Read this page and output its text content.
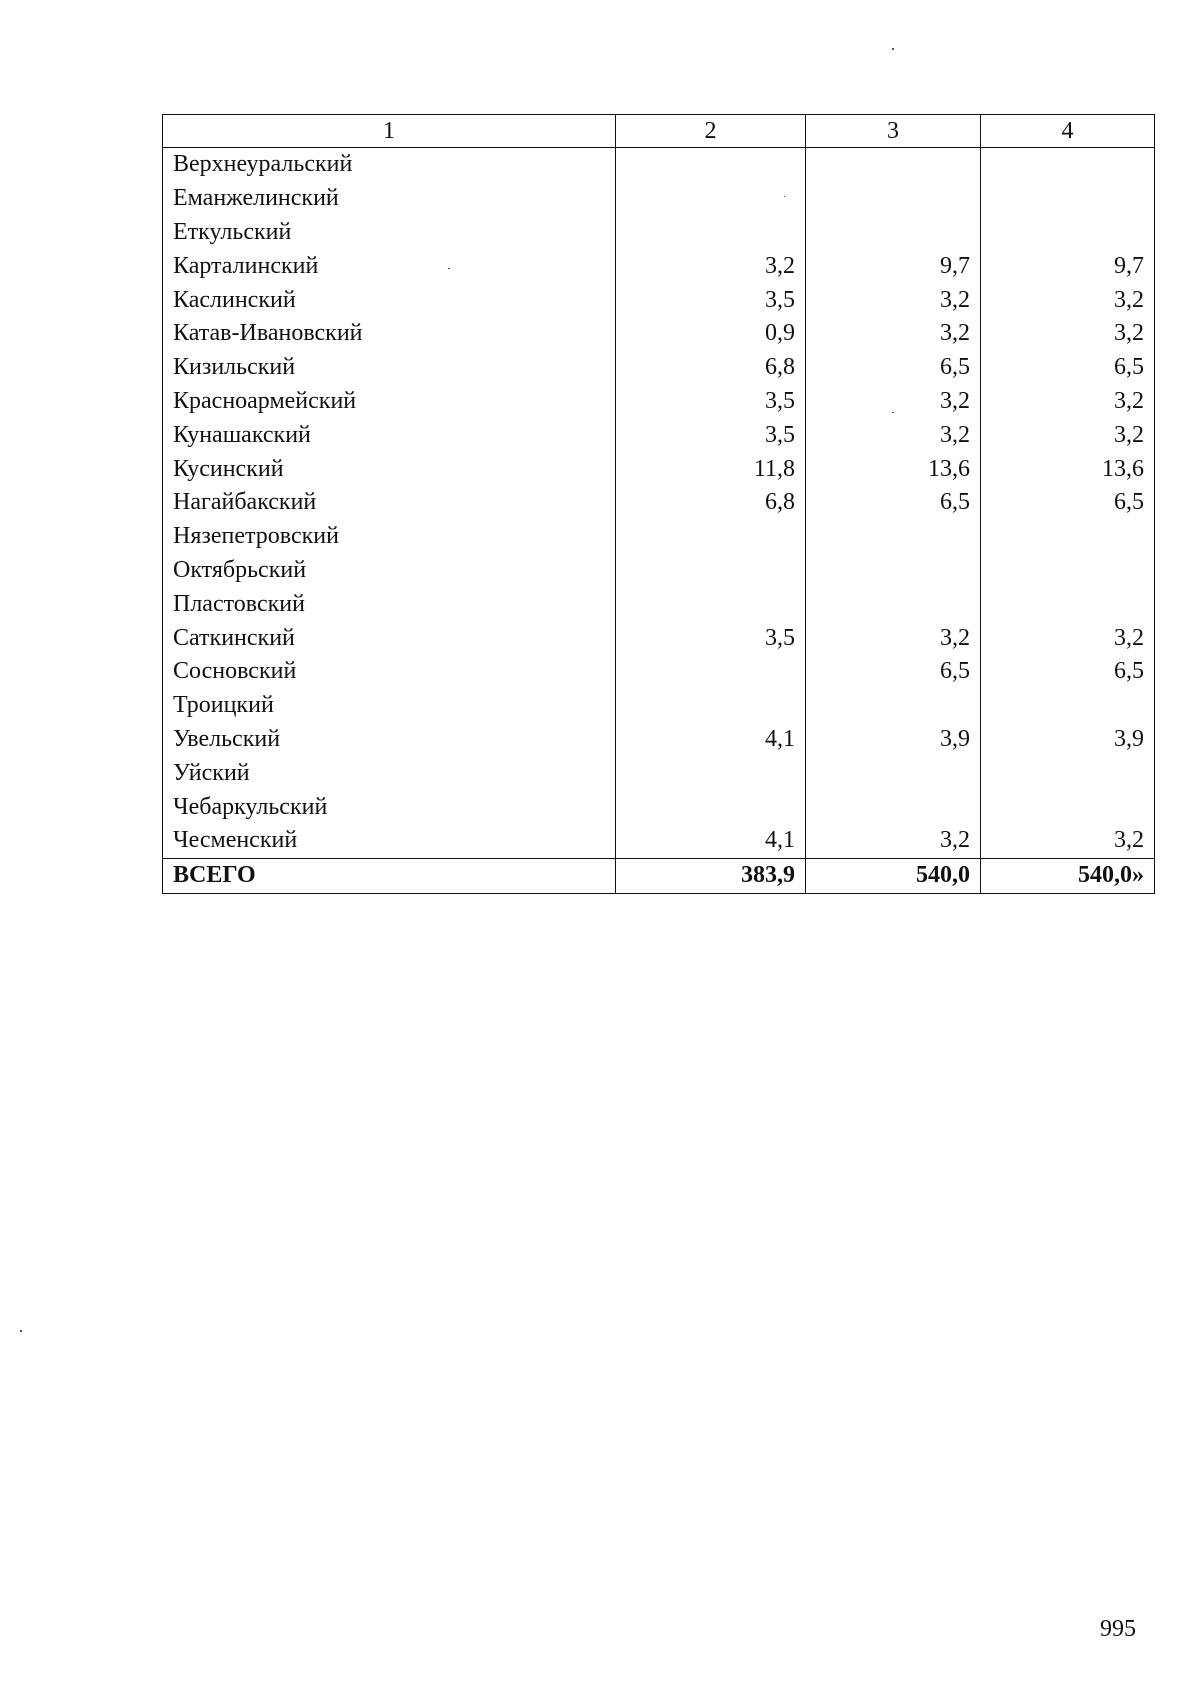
1	2	3	4
Верхнеуральский			
Еманжелинский			
Еткульский			
Карталинский	3,2	9,7	9,7
Каслинский	3,5	3,2	3,2
Катав-Ивановский	0,9	3,2	3,2
Кизильский	6,8	6,5	6,5
Красноармейский	3,5	3,2	3,2
Кунашакский	3,5	3,2	3,2
Кусинский	11,8	13,6	13,6
Нагайбакский	6,8	6,5	6,5
Нязепетровский			
Октябрьский			
Пластовский			
Саткинский	3,5	3,2	3,2
Сосновский		6,5	6,5
Троицкий			
Увельский	4,1	3,9	3,9
Уйский			
Чебаркульский			
Чесменский	4,1	3,2	3,2
ВСЕГО	383,9	540,0	540,0»
995
